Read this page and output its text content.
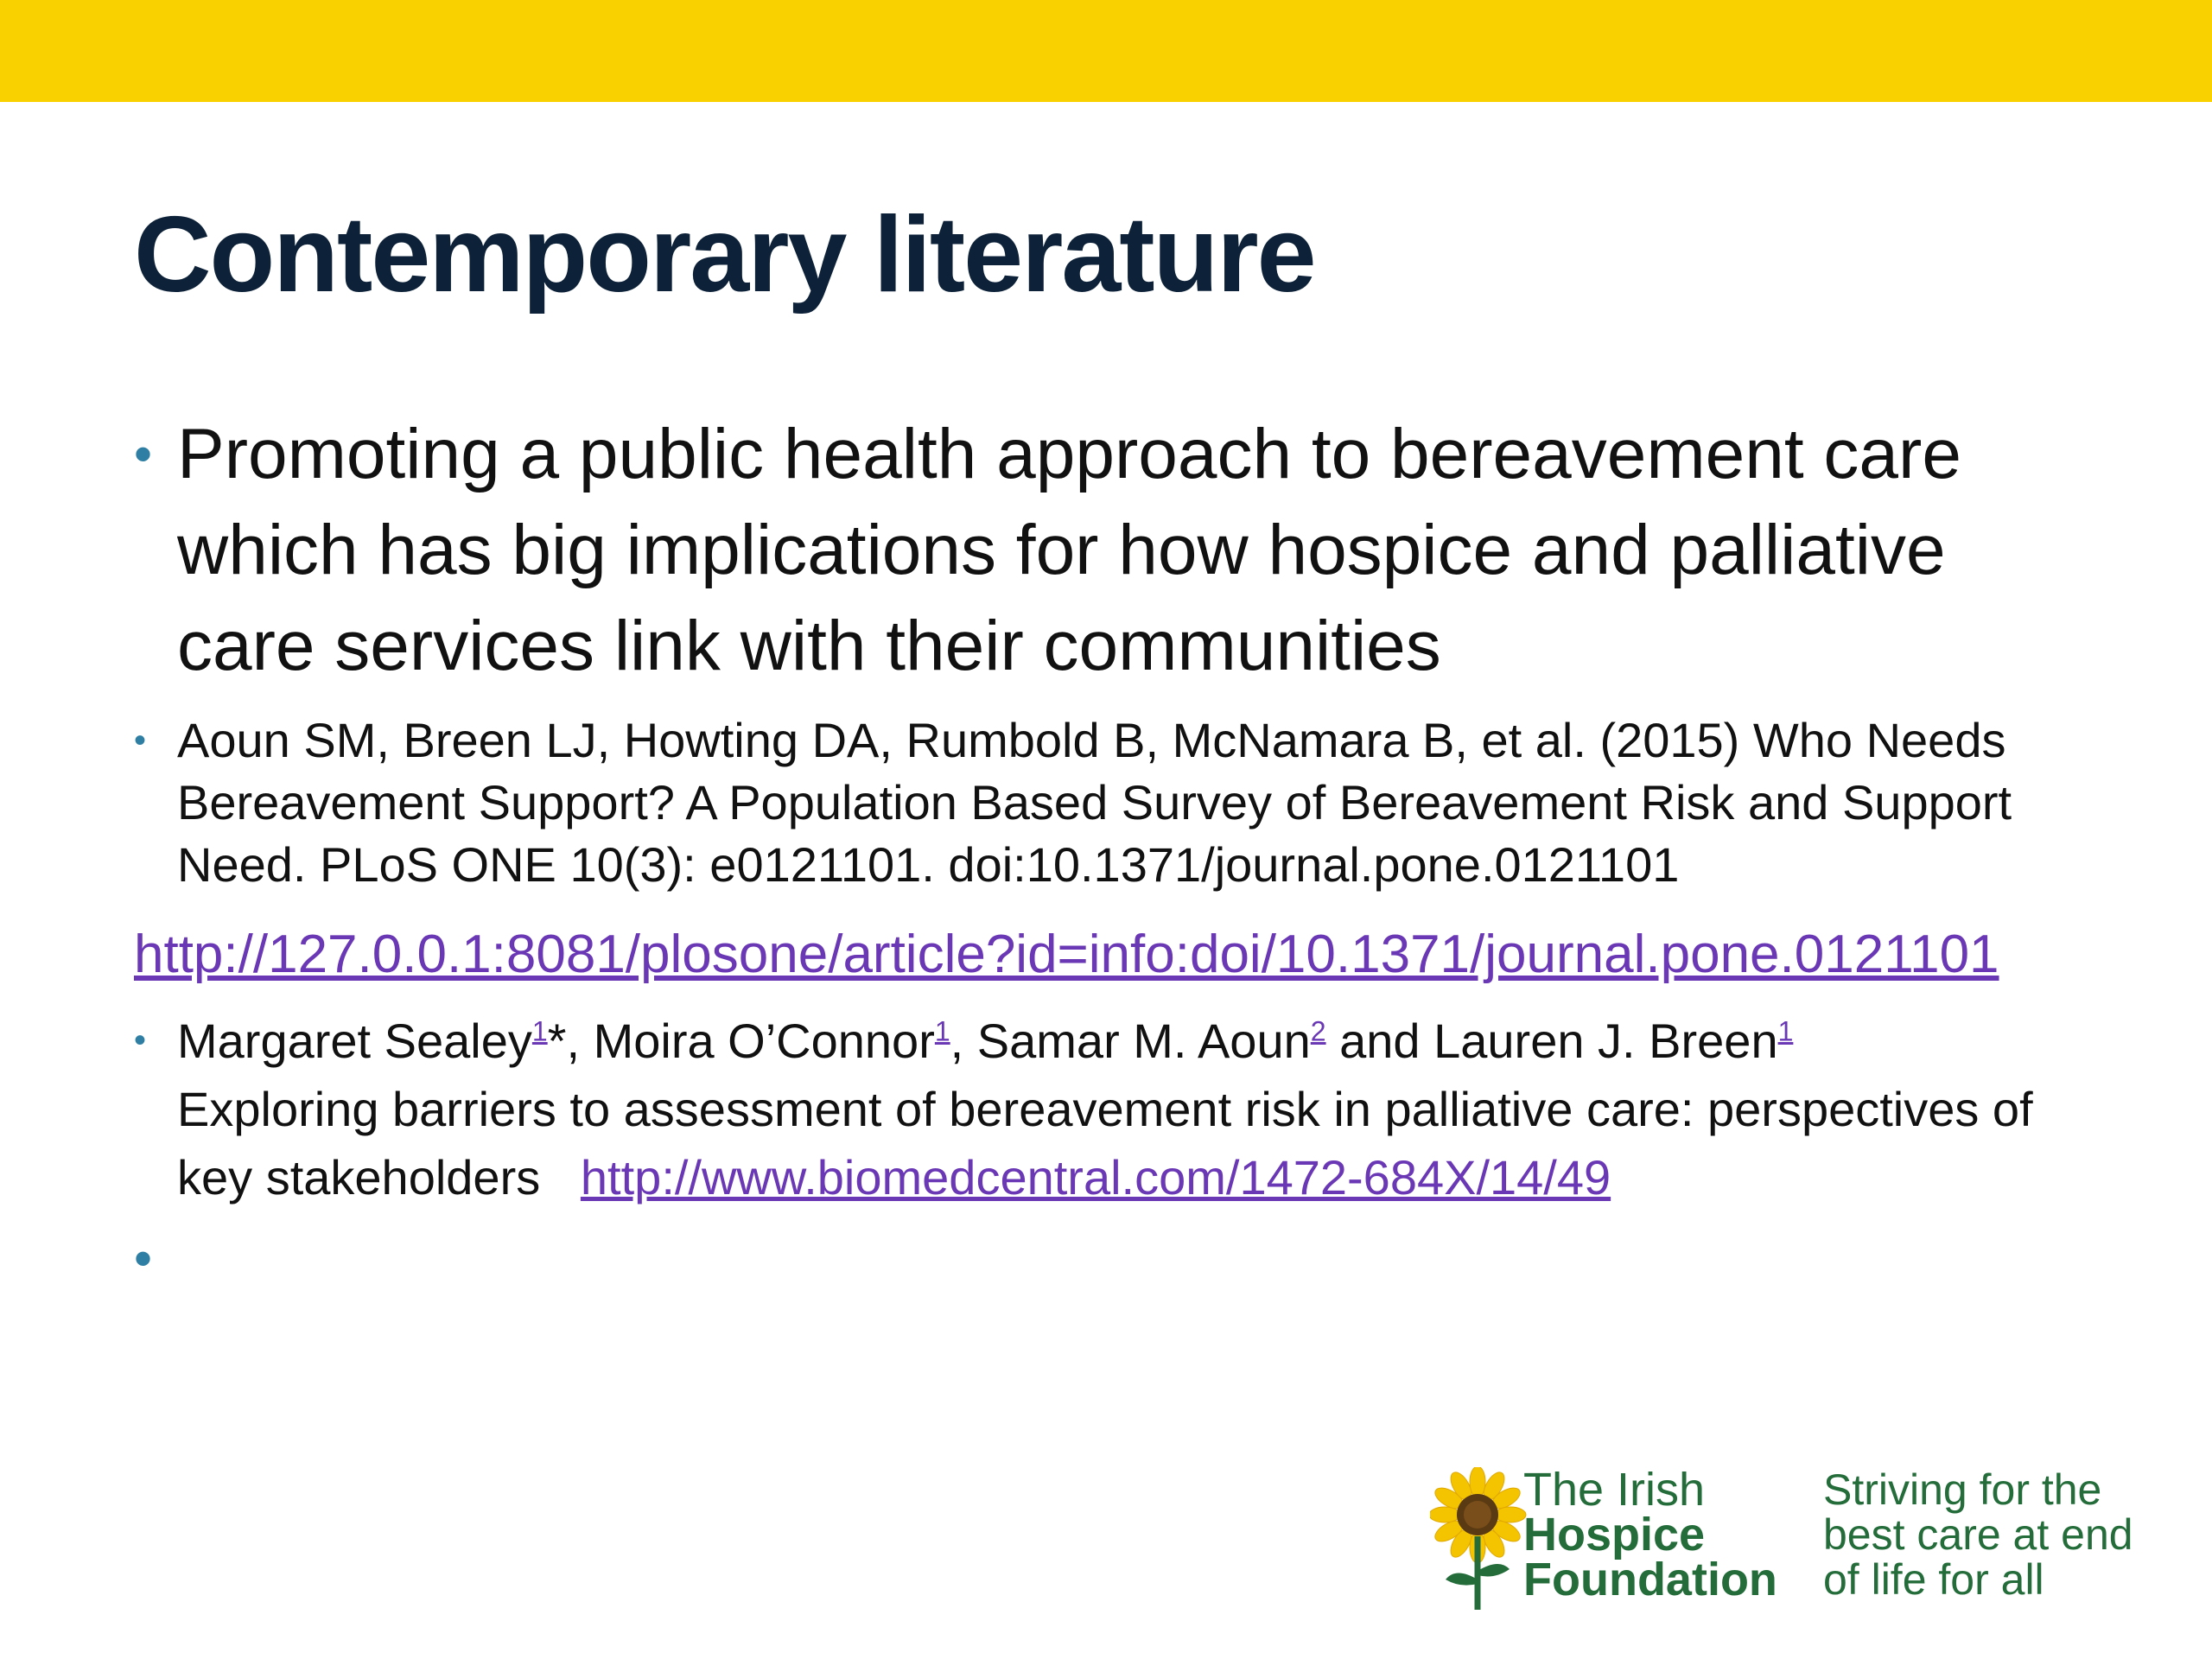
Contemporary literature
• Promoting a public health approach to bereavement care which has big implications for how hospice and palliative care services link with their communities
• Aoun SM, Breen LJ, Howting DA, Rumbold B, McNamara B, et al. (2015) Who Needs Bereavement Support? A Population Based Survey of Bereavement Risk and Support Need. PLoS ONE 10(3): e0121101. doi:10.1371/journal.pone.0121101
http://127.0.0.1:8081/plosone/article?id=info:doi/10.1371/journal.pone.0121101
• Margaret Sealey$^1$*, Moira O’Connor$^1$, Samar M. Aoun$^2$ and Lauren J. Breen$^1$
Exploring barriers to assessment of bereavement risk in palliative care: perspectives of key stakeholders http://www.biomedcentral.com/1472-684X/14/49
•
The Irish
Hospice
Foundation
Striving for the
best care at end
of life for all
